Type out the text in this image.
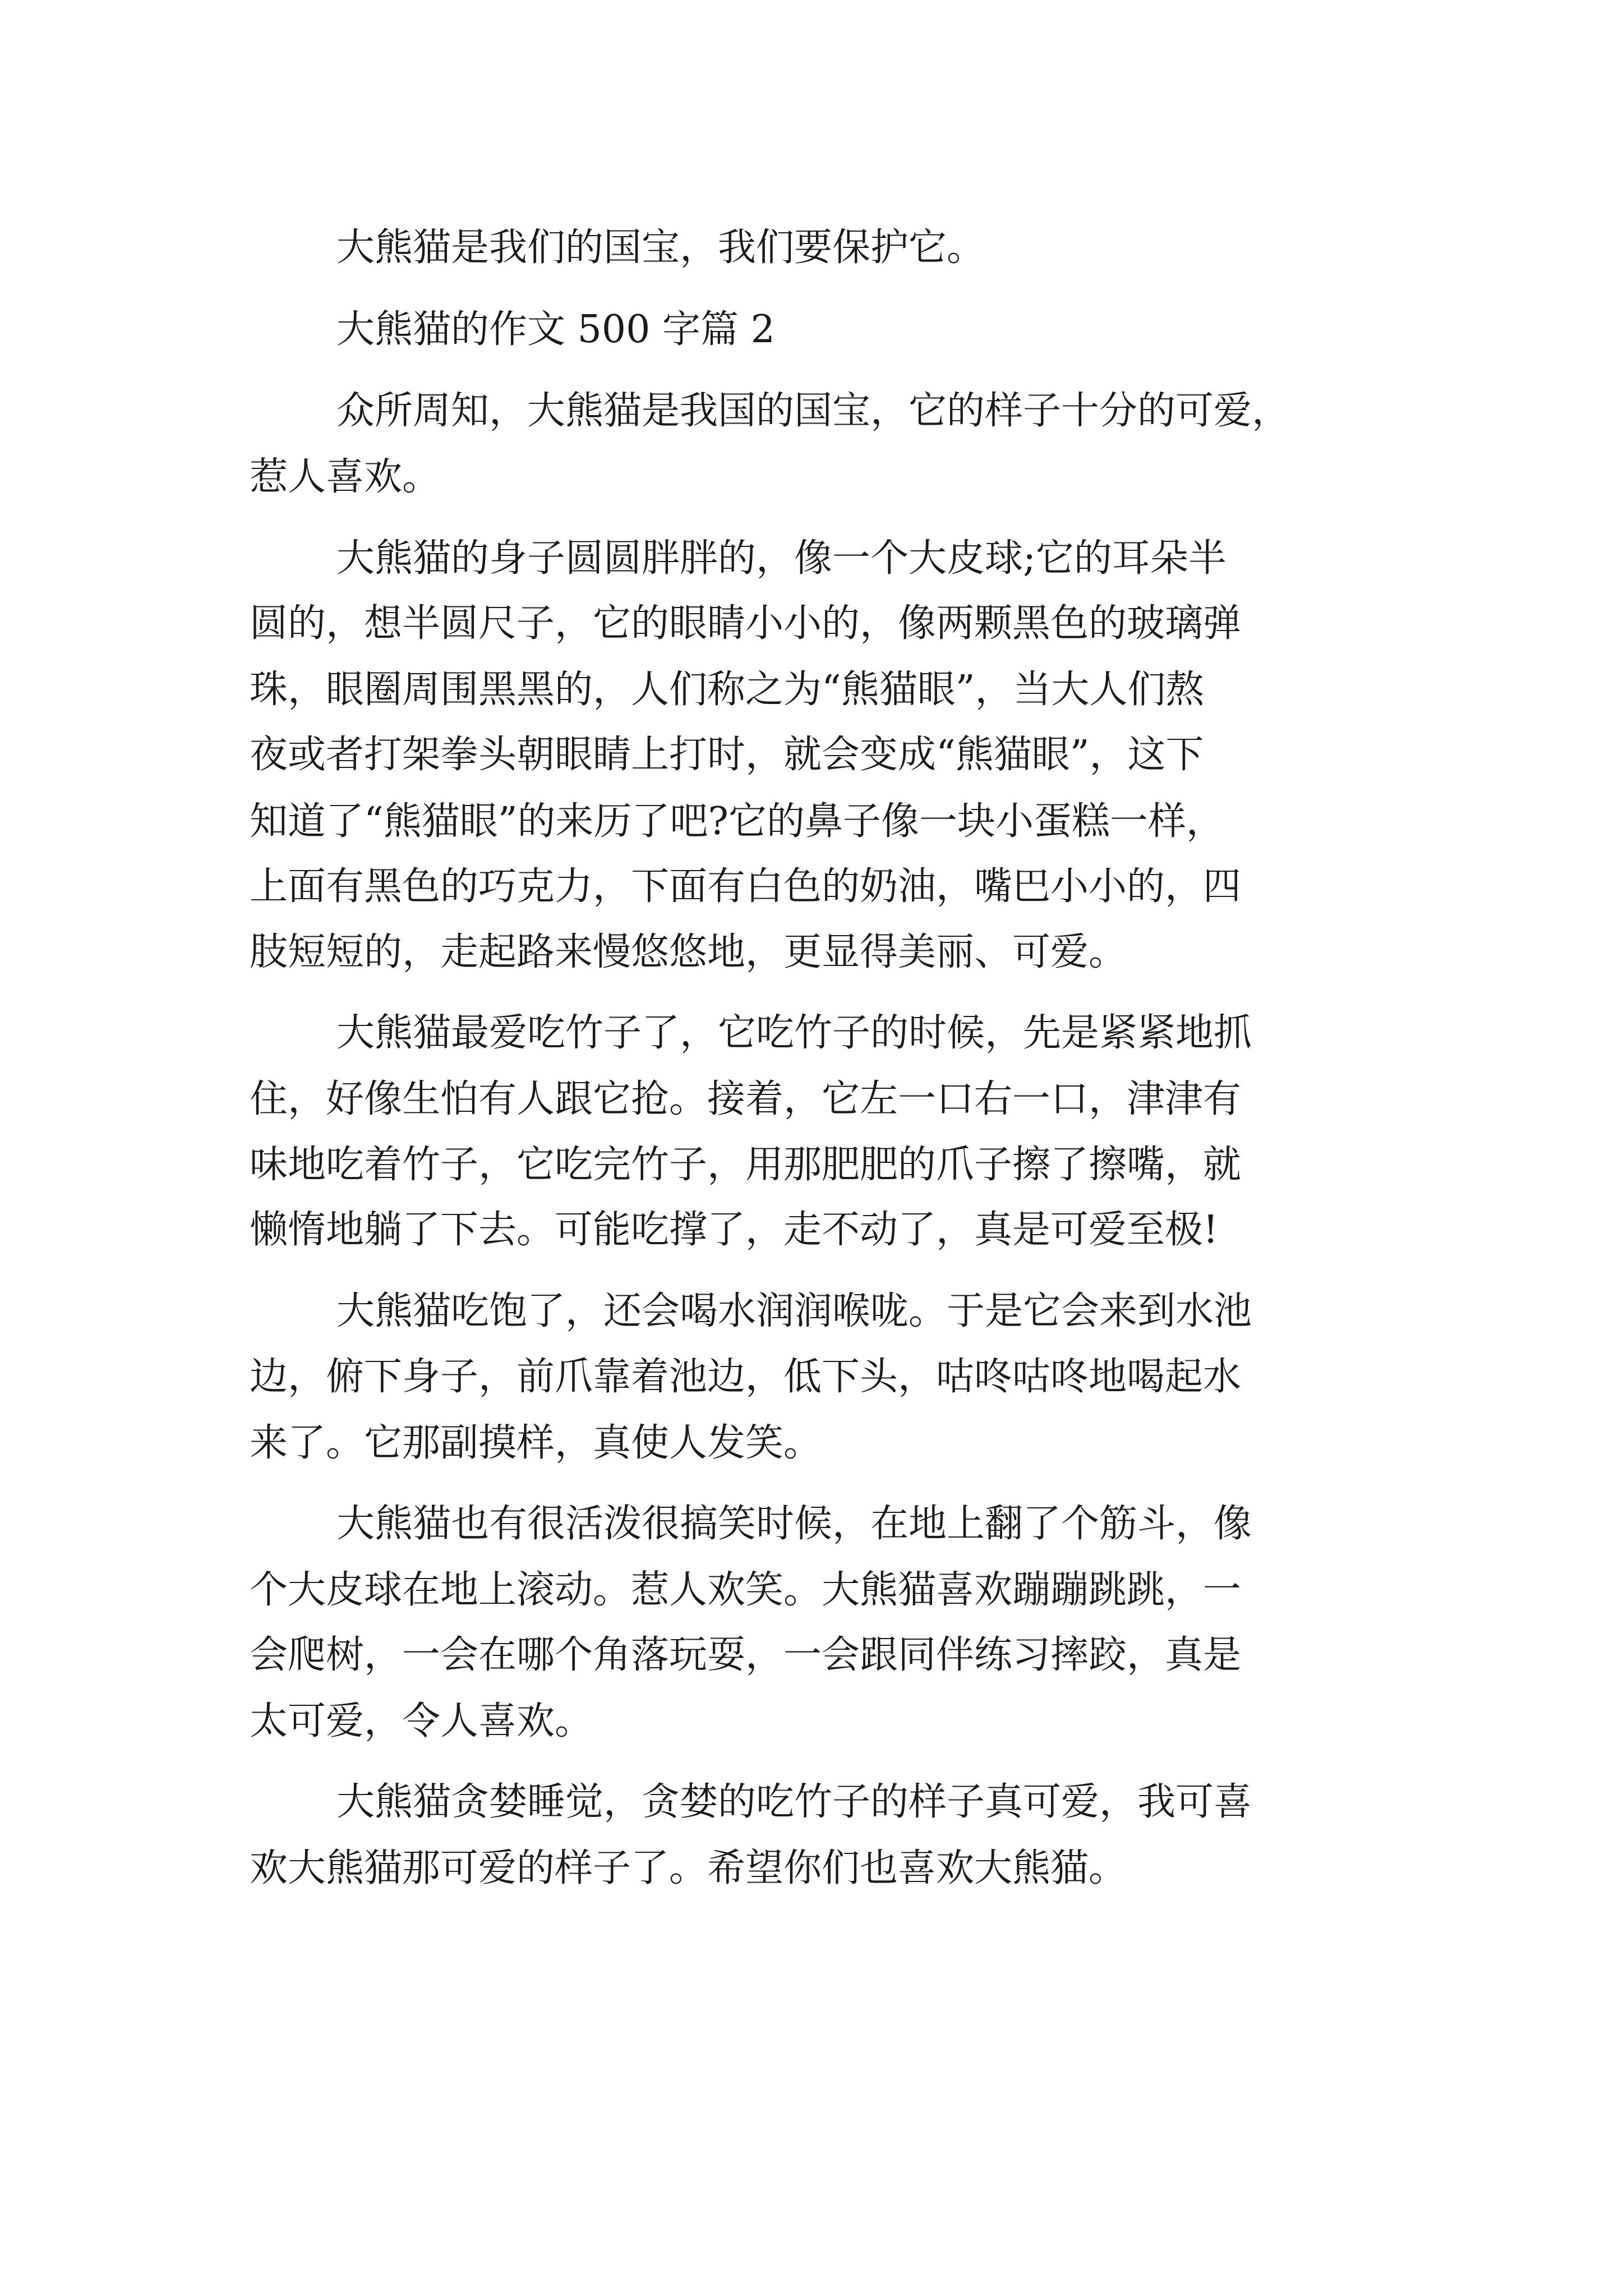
大熊猫是我们的国宝，我们要保护它。
大熊猫的作文 500 字篇 2
众所周知，大熊猫是我国的国宝，它的样子十分的可爱，
惹人喜欢。
大熊猫的身子圆圆胖胖的，像一个大皮球;它的耳朵半
圆的，想半圆尺子，它的眼睛小小的，像两颗黑色的玻璃弹
珠，眼圈周围黑黑的，人们称之为“熊猫眼”，当大人们熬
夜或者打架拳头朝眼睛上打时，就会变成“熊猫眼”，这下
知道了“熊猫眼”的来历了吧?它的鼻子像一块小蛋糕一样，
上面有黑色的巧克力，下面有白色的奶油，嘴巴小小的，四
肢短短的，走起路来慢悠悠地，更显得美丽、可爱。
大熊猫最爱吃竹子了，它吃竹子的时候，先是紧紧地抓
住，好像生怕有人跟它抢。接着，它左一口右一口，津津有
味地吃着竹子，它吃完竹子，用那肥肥的爪子擦了擦嘴，就
懒惰地躺了下去。可能吃撑了，走不动了，真是可爱至极!
大熊猫吃饱了，还会喝水润润喉咙。于是它会来到水池
边，俯下身子，前爪靠着池边，低下头，咕咚咕咚地喝起水
来了。它那副摸样，真使人发笑。
大熊猫也有很活泼很搞笑时候，在地上翻了个筋斗，像
个大皮球在地上滚动。惹人欢笑。大熊猫喜欢蹦蹦跳跳，一
会爬树，一会在哪个角落玩耍，一会跟同伴练习摔跤，真是
太可爱，令人喜欢。
大熊猫贪婪睡觉，贪婪的吃竹子的样子真可爱，我可喜
欢大熊猫那可爱的样子了。希望你们也喜欢大熊猫。
